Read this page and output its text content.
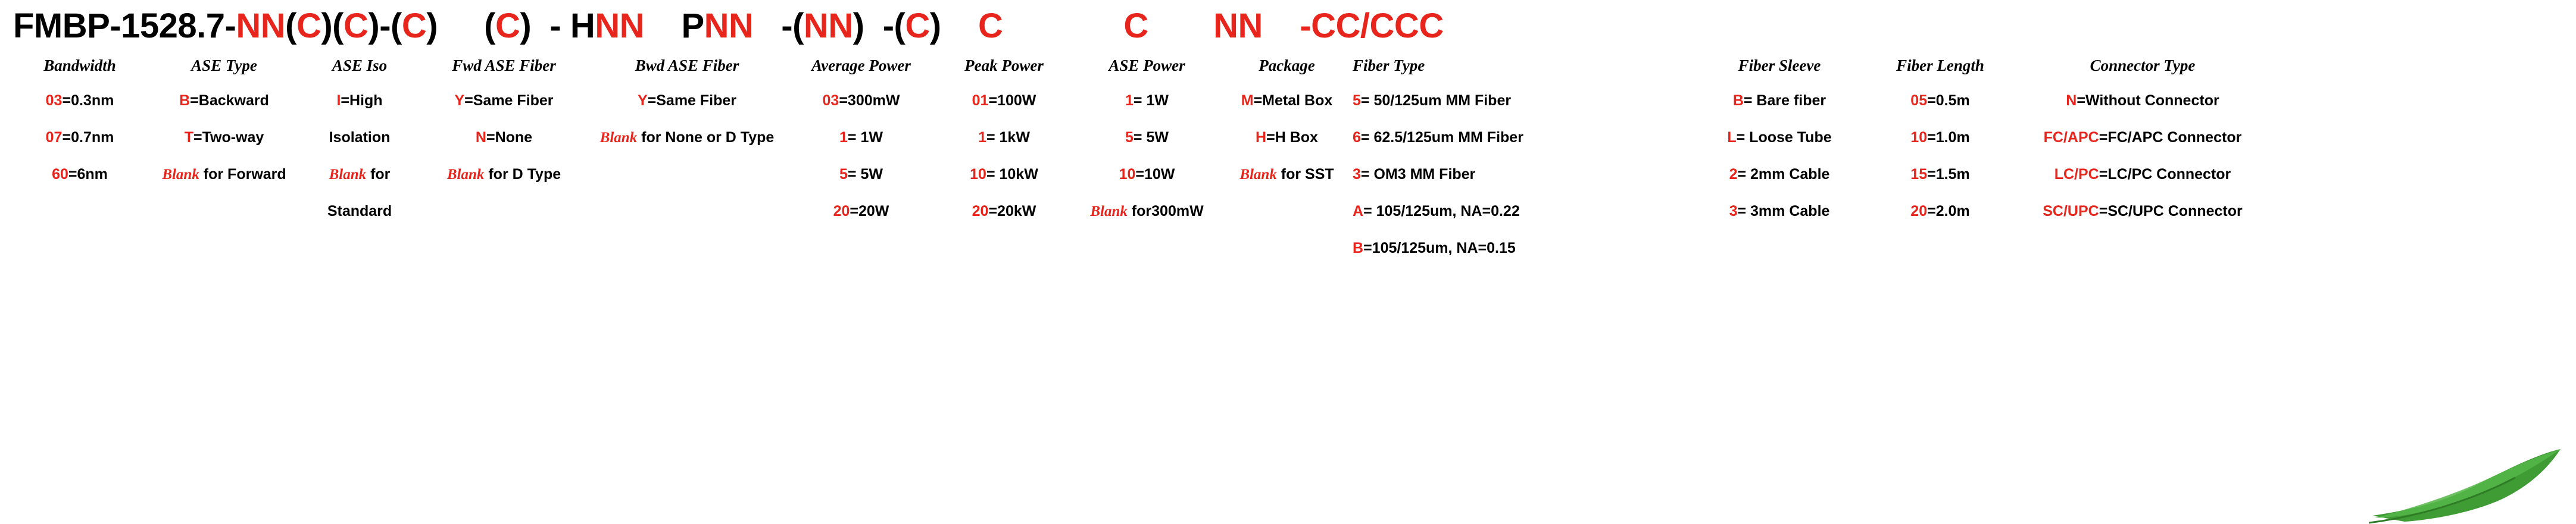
FMBP-1528.7- NN ( C )( C )-( C ) ( C ) - H NN P NN -( NN ) -( C ) C C NN -CC/CCC
Bandwidth
03=0.3nm
07=0.7nm
60=6nm

ASE Type
B=Backward
T=Two-way
Blank for Forward

ASE Iso
I=High
Isolation
Blank for
Standard

Fwd ASE Fiber
Y=Same Fiber
N=None
Blank for D Type

Bwd ASE Fiber
Y=Same Fiber
Blank for None or D Type

Average Power
03=300mW
1= 1W
5= 5W
20=20W

Peak Power
01=100W
1= 1kW
10= 10kW
20=20kW

ASE Power
1= 1W
5= 5W
10=10W
Blank for300mW

Package
M=Metal Box
H=H Box
Blank for SST

Fiber Type
5= 50/125um MM Fiber
6= 62.5/125um MM Fiber
3= OM3 MM Fiber
A= 105/125um, NA=0.22
B=105/125um, NA=0.15
Fiber Sleeve
B= Bare fiber
L= Loose Tube
2= 2mm Cable
3= 3mm Cable

Fiber Length
05=0.5m
10=1.0m
15=1.5m
20=2.0m

Connector Type
N=Without Connector
FC/APC=FC/APC Connector
LC/PC=LC/PC Connector
SC/UPC=SC/UPC Connector
